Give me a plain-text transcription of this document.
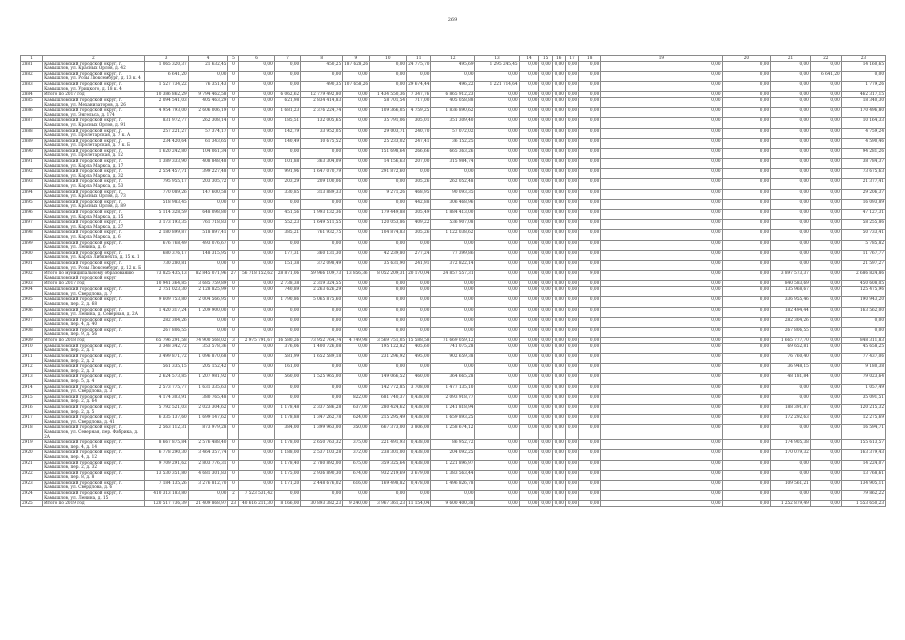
269
1	2	3	4	5	6	7	8	9	10	11	12	13	14	15	16	17	18	19	20	21	22	23
2881	Камышловский городской округ, г. Камышлов, ул. Красных Орлов, д. 42	1 065 320,37	21 632,45	0	0,00	0,00	450,25	187 628,26	0,00	24 775,70	495,69	1 295 245,45	0,00	0,00	0,00	0,00	0,00	0,00	0,00	0,00	0,00	14 160,65
2882	Камышловский городской округ, г. Камышлов, ул. Розы Люксембург, д. 13 к. 4	6 641,20	0,00	0	0,00	0,00	0,00	0,00	0,00	0,00	0,00	0,00	0,00	0,00	0,00	0,00	0,00	0,00	0,00	0,00	6 641,20	0,00
2883	Камышловский городской округ, г. Камышлов, ул. Урицкого, д. 18 к. 4	1 527 734,22	76 351,43	0	0,00	0,00	490,35	107 658,26	0,00	29 674,44	496,22	1 221 714,64	0,00	0,00	0,00	0,00	0,00	0,00	0,00	0,00	0,00	1 779,26
2884	Итого по 2017 год	10 386 862,29	9 794 462,58	0	0,00	6 062,62	12 779 492,80	0,00	1 434 550,36	7 347,76	6 865 912,23	0,00	0,00	0,00	0,00	0,00	0,00	0,00	0,00	0,00	0,00	462 317,15
2885	Камышловский городской округ, г. Камышлов, ул. Механизаторов, д. 26	2 094 541,03	405 463,29	0	0,00	621,98	2 834 414,83	0,00	58 701,54	717,00	405 058,88	0,00	0,00	0,00	0,00	0,00	0,00	0,00	0,00	0,00	0,00	18 340,30
2886	Камышловский городской округ, г. Камышлов, ул. Энгельса, д. 174	4 954 793,00	2 606 006,19	0	0,00	1 681,23	2 376 224,74	0,00	109 366,05	4 759,25	1 836 890,62	0,00	0,00	0,00	0,00	0,00	0,00	0,00	0,00	0,00	0,00	170 496,80
2887	Камышловский городской округ, г. Камышлов, ул. Красных Орлов, д. 91	831 972,77	262 308,14	0	0,00	185,51	132 005,65	0,00	35 791,06	305,01	351 309,40	0,00	0,00	0,00	0,00	0,00	0,00	0,00	0,00	0,00	0,00	10 164,33
2888	Камышловский городской округ, г. Камышлов, ул. Пролетарская, д. 7 к. А	257 221,27	57 374,17	0	0,00	142,79	33 952,05	0,00	29 003,71	240,70	57 072,02	0,00	0,00	0,00	0,00	0,00	0,00	0,00	0,00	0,00	0,00	4 759,24
2889	Камышловский городской округ, г. Камышлов, ул. Пролетарская, д. 7 к. Б	234 420,64	61 343,65	0	0,00	140,49	10 675,52	0,00	25 233,02	247,41	36 152,25	0,00	0,00	0,00	0,00	0,00	0,00	0,00	0,00	0,00	0,00	4 590,46
2890	Камышловский городской округ, г. Камышлов, ул. Пролетарская, д. 12	1 620 242,80	104 061,34	0	0,00	0,00	0,00	0,00	151 698,64	266,66	665 363,26	0,00	0,00	0,00	0,00	0,00	0,00	0,00	0,00	0,00	0,00	94 281,26
2891	Камышловский городской округ, г. Камышлов, ул. Карла Маркса, д. 17	1 389 333,90	408 848,48	0	0,00	101,88	363 304,09	0,00	14 156,63	207,00	315 984,74	0,00	0,00	0,00	0,00	0,00	0,00	0,00	0,00	0,00	0,00	38 784,37
2892	Камышловский городской округ, г. Камышлов, ул. Карла Маркса, д. 32	2 554 457,71	399 227,48	0	0,00	991,96	1 647 070,79	0,00	291 872,60	0,00	0,00	0,00	0,00	0,00	0,00	0,00	0,00	0,00	0,00	0,00	0,00	73 675,63
2893	Камышловский городской округ, г. Камышлов, ул. Карла Маркса, д. 53	795 955,17	203 305,72	0	0,00	203,29	209 100,06	0,00	0,00	305,26	262 052,48	0,00	0,00	0,00	0,00	0,00	0,00	0,00	0,00	0,00	0,00	21 377,41
2894	Камышловский городской округ, г. Камышлов, ул. Красных Орлов, д. 73	770 089,26	147 600,58	0	0,00	330,85	313 889,33	0,00	9 271,26	468,95	90 093,35	0,00	0,00	0,00	0,00	0,00	0,00	0,00	0,00	0,00	0,00	29 206,37
2895	Камышловский городской округ, г. Камышлов, ул. Красных Орлов, д. 89	518 983,45	0,00	0	0,00	0,00	0,00	0,00	0,00	442,88	306 468,96	0,00	0,00	0,00	0,00	0,00	0,00	0,00	0,00	0,00	0,00	16 093,89
2896	Камышловский городской округ, г. Камышлов, ул. Карла Маркса, д. 15	5 114 328,59	648 098,80	0	0,00	451,56	1 993 132,36	0,00	179 449,88	305,49	1 884 413,00	0,00	0,00	0,00	0,00	0,00	0,00	0,00	0,00	0,00	0,00	47 127,31
2897	Камышловский городской округ, г. Камышлов, ул. Карла Маркса, д. 27	3 173 193,35	761 718,83	0	0,00	552,23	1 649 511,55	0,00	120 053,86	409,22	536 907,08	0,00	0,00	0,00	0,00	0,00	0,00	0,00	0,00	0,00	0,00	58 255,86
2898	Камышловский городской округ, г. Камышлов, ул. Карла Маркса, д. 6	2 180 899,87	518 897,41	0	0,00	385,21	761 932,75	0,00	104 874,83	305,26	1 122 038,62	0,00	0,00	0,00	0,00	0,00	0,00	0,00	0,00	0,00	0,00	50 733,41
2899	Камышловский городской округ, г. Камышлов, ул. Ленина, д. 6	676 768,49	493 076,67	0	0,00	0,00	0,00	0,00	0,00	0,00	0,00	0,00	0,00	0,00	0,00	0,00	0,00	0,00	0,00	0,00	0,00	5 785,82
2900	Камышловский городской округ, г. Камышлов, ул. Карла Либкнехта, д. 15 к. 1	680 376,17	148 315,95	0	0,00	177,31	360 131,30	0,00	42 239,80	277,24	77 399,86	0,00	0,00	0,00	0,00	0,00	0,00	0,00	0,00	0,00	0,00	11 767,77
2901	Камышловский городской округ, г. Камышлов, ул. Розы Люксембург, д. 12 к. Б	730 280,81	0,00	0	0,00	151,38	372 098,49	0,00	35 631,90	241,91	372 822,14	0,00	0,00	0,00	0,00	0,00	0,00	0,00	0,00	0,00	0,00	21 597,27
2902	Итого по муниципальному образованию Камышловский городской округ	73 825 435,13	82 845 071,96	27	56 718 152,62	28 871,06	59 966 109,73	13 856,36	8 052 209,31	20 170,04	24 857 557,31	0,00	0,00	0,00	0,00	0,00	9,00	0,00	0,00	3 897 573,37	0,00	2 686 824,86
2903	Итого по 2017 год	10 941 364,85	3 685 759,89	0	0,00	2 738,38	2 319 324,55	0,00	0,00	0,00	0,00	0,00	0,00	0,00	0,00	0,00	0,00	0,00	0,00	840 583,69	0,00	450 608,05
2904	Камышловский городской округ, г. Камышлов, ул. Свердлова, д. 7	2 751 023,30	2 128 825,99	0	0,00	740,89	2 263 626,29	0,00	0,00	0,00	0,00	0,00	0,00	0,00	0,00	0,00	0,00	0,00	0,00	135 968,67	0,00	125 475,96
2905	Камышловский городской округ, г. Камышлов, пер. 2, д. 68	9 609 753,80	2 004 566,95	0	0,00	1 790,86	5 065 875,60	0,00	0,00	0,00	0,00	0,00	0,00	0,00	0,00	0,00	0,00	0,00	0,00	336 955,46	0,00	190 943,20
2906	Камышловский городской округ, г. Камышлов, ул. Ленина, д. Северная, д. 2А	1 420 317,24	1 209 900,00	0	0,00	0,00	0,00	0,00	0,00	0,00	0,00	0,00	0,00	0,00	0,00	0,00	0,00	0,00	0,00	182 494,44	0,00	163 562,00
2907	Камышловский городской округ, г. Камышлов, пер. 4, д. 40	282 304,26	0,00	0	0,00	0,00	0,00	0,00	0,00	0,00	0,00	0,00	0,00	0,00	0,00	0,00	0,00	0,00	0,00	282 304,26	0,00	0,00
2908	Камышловский городской округ, г. Камышлов, пер. 9, д. 56	267 806,55	0,00	0	0,00	0,00	0,00	0,00	0,00	0,00	0,00	0,00	0,00	0,00	0,00	0,00	0,00	0,00	0,00	267 806,55	0,00	0,00
2909	Итого по 2018 год	65 796 291,58	74 900 568,02	3	2 975 791,67	16 580,26	73 952 764,74	4 749,98	3 569 751,05	15 588,58	71 669 059,12	0,00	0,00	0,00	0,00	0,00	0,00	0,00	0,00	1 665 777,70	0,00	848 311,83
2910	Камышловский городской округ, г. Камышлов, пер. 2, д. 1	3 348 342,72	353 578,36	0	0,00	376,06	1 400 726,08	0,00	195 122,82	405,60	741 075,28	0,00	0,00	0,00	0,00	0,00	0,00	0,00	0,00	69 652,81	0,00	45 658,25
2911	Камышловский городской округ, г. Камышлов, пер. 2, д. 2	3 499 871,72	1 096 870,68	0	0,00	581,99	1 652 589,18	0,00	231 296,92	495,00	902 659,38	0,00	0,00	0,00	0,00	0,00	0,00	0,00	0,00	76 760,40	0,00	77 437,06
2912	Камышловский городской округ, г. Камышлов, пер. 2, д. 3	561 335,15	205 152,42	0	0,00	161,00	0,00	0,00	0,00	0,00	0,00	0,00	0,00	0,00	0,00	0,00	0,00	0,00	0,00	36 948,15	0,00	9 180,38
2913	Камышловский городской округ, г. Камышлов, пер. 5, д. 4	2 624 573,85	1 207 981,92	0	0,00	560,00	1 525 965,00	0,00	149 066,52	460,00	364 665,28	0,00	0,00	0,00	0,00	0,00	0,00	0,00	0,00	48 181,84	0,00	79 023,64
2914	Камышловский городской округ, г. Камышлов, ул. Свердлова, д. 3	2 573 775,77	1 631 335,63	0	0,00	0,00	0,00	0,00	142 772,85	3 708,00	1 477 135,10	0,00	0,00	0,00	0,00	0,00	0,00	0,00	0,00	0,00	0,00	1 057,49
2915	Камышловский городской округ, г. Камышлов, пер. 2, д. 64	4 174 303,91	380 765,48	0	0,00	0,00	0,00	822,00	681 740,37	0,438,00	2 093 918,77	0,00	0,00	0,00	0,00	0,00	0,00	0,00	0,00	0,00	0,00	35 091,51
2916	Камышловский городской округ, г. Камышлов, пер. 2, д. 5	5 792 521,03	2 023 304,62	0	0,00	1 178,48	2 337 586,28	637,00	280 424,62	0,438,00	1 241 818,94	0,00	0,00	0,00	0,00	0,00	0,00	0,00	0,00	188 391,87	0,00	120 215,32
2917	Камышловский городской округ, г. Камышлов, ул. Свердлова, д. 41	6 335 137,60	1 699 147,62	0	0,00	1 178,88	1 347 262,78	624,00	215 295,49	0,438,00	1 659 893,25	0,00	0,00	0,00	0,00	0,00	0,00	0,00	0,00	172 292,63	0,00	12 275,69
2918	Камышловский городской округ, г. Камышлов, ул. Северная, пер. Фабрика, д. 2А	2 563 112,31	873 979,28	0	0,00	384,00	1 399 963,00	350,00	667 373,00	3 806,00	1 258 674,12	0,00	0,00	0,00	0,00	0,00	0,00	0,00	0,00	0,00	0,00	16 594,71
2919	Камышловский городской округ, г. Камышлов, пер. 4, д. 14	8 667 875,84	2 576 488,40	0	0,00	1 178,00	2 650 763,32	375,00	221 491,93	0,438,00	86 952,72	0,00	0,00	0,00	0,00	0,00	0,00	0,00	0,00	174 905,38	0,00	155 613,57
2920	Камышловский городской округ, г. Камышлов, пер. 4, д. 12	6 778 290,30	3 464 357,74	0	0,00	1 188,00	2 537 103,28	372,00	238 301,00	0,438,00	204 092,25	0,00	0,00	0,00	0,00	0,00	0,00	0,00	0,00	170 079,32	0,00	163 379,43
2921	Камышловский городской округ, г. Камышлов, пер. 2, д. 32	9 709 291,62	2 803 776,31	0	0,00	1 178,40	2 780 892,00	675,00	359 325,64	0,438,00	1 221 896,97	0,00	0,00	0,00	0,00	0,00	0,00	0,00	0,00	0,00	0,00	14 224,07
2922	Камышловский городской округ, г. Камышлов, пер. 8, д. 8	13 530 351,80	4 681 301,83	0	0,00	1 175,00	2 936 890,30	674,00	932 219,69	3 679,00	1 383 563,44	0,00	0,00	0,00	0,00	0,00	0,00	0,00	0,00	0,00	0,00	13 768,61
2923	Камышловский городской округ, г. Камышлов, ул. Свердлова, д. 6	7 184 135,26	3 276 812,70	0	0,00	1 171,20	2 448 676,02	616,00	169 498,82	0,478,00	1 496 826,78	0,00	0,00	0,00	0,00	0,00	0,00	0,00	0,00	109 561,21	0,00	134 905,11
2924	Камышловский городской округ, г. Камышлов, ул. Ленина, д. 15	410 313 183,80	0,00	2	7 523 531,42	0,00	0,00	0,00	0,00	0,00	0,00	0,00	0,00	0,00	0,00	0,00	0,00	0,00	0,00	0,00	0,00	79 862,22
2925	Итого по 2019 год	120 517 736,39	21 409 868,97	23	40 616 211,30	8 166,00	30 893 382,23	9 240,00	3 967 361,23	11 154,04	9 600 400,38	0,00	0,00	0,00	0,00	0,00	0,00	0,00	0,00	1 252 879,49	0,00	1 553 650,23
